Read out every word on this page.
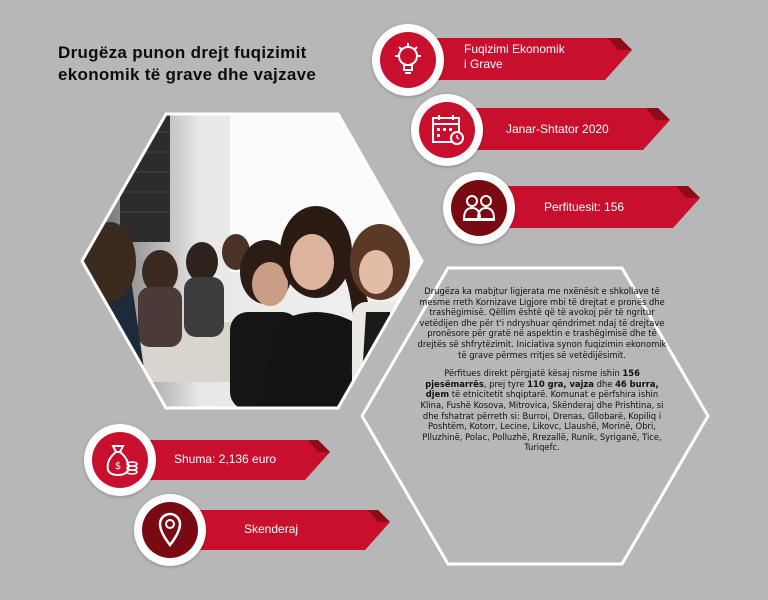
Drugëza punon drejt fuqizimit
ekonomik të grave dhe vajzave
Fuqizimi Ekonomik
i Grave
Janar-Shtator 2020
Perfituesit: 156

Drugëza ka mabjtur ligjerata me nxënësit e shkollave të mesme rreth Kornizave Ligjore mbi të drejtat e pronës dhe trashëgimisë. Qëllim është që të avokoj për të ngritur vetëdijen dhe për t'i ndryshuar qëndrimet ndaj të drejtave pronësore për gratë në aspektin e trashëgimisë dhe të drejtës së shfrytëzimit. Iniciativa synon fuqizimin ekonomik të grave përmes rritjes së vetëdijësimit.

Përfitues direkt përgjatë kësaj nisme ishin 156 pjesëmarrës, prej tyre 110 gra, vajza dhe 46 burra, djem të etnicitetit shqiptarë. Komunat e përfshira ishin Klina, Fushë Kosova, Mitrovica, Skënderaj dhe Prishtina, si dhe fshatrat përreth si: Burroi, Drenas, Gllobarë, Kopiliq i Poshtëm, Kotorr, Lecine, Likovc, Llaushë, Morinë, Obri, Plluzhinë, Polac, Polluzhë, Rrezallë, Runik, Syriganë, Tice, Turiqefc.

Shuma: 2,136 euro
$
Skenderaj
